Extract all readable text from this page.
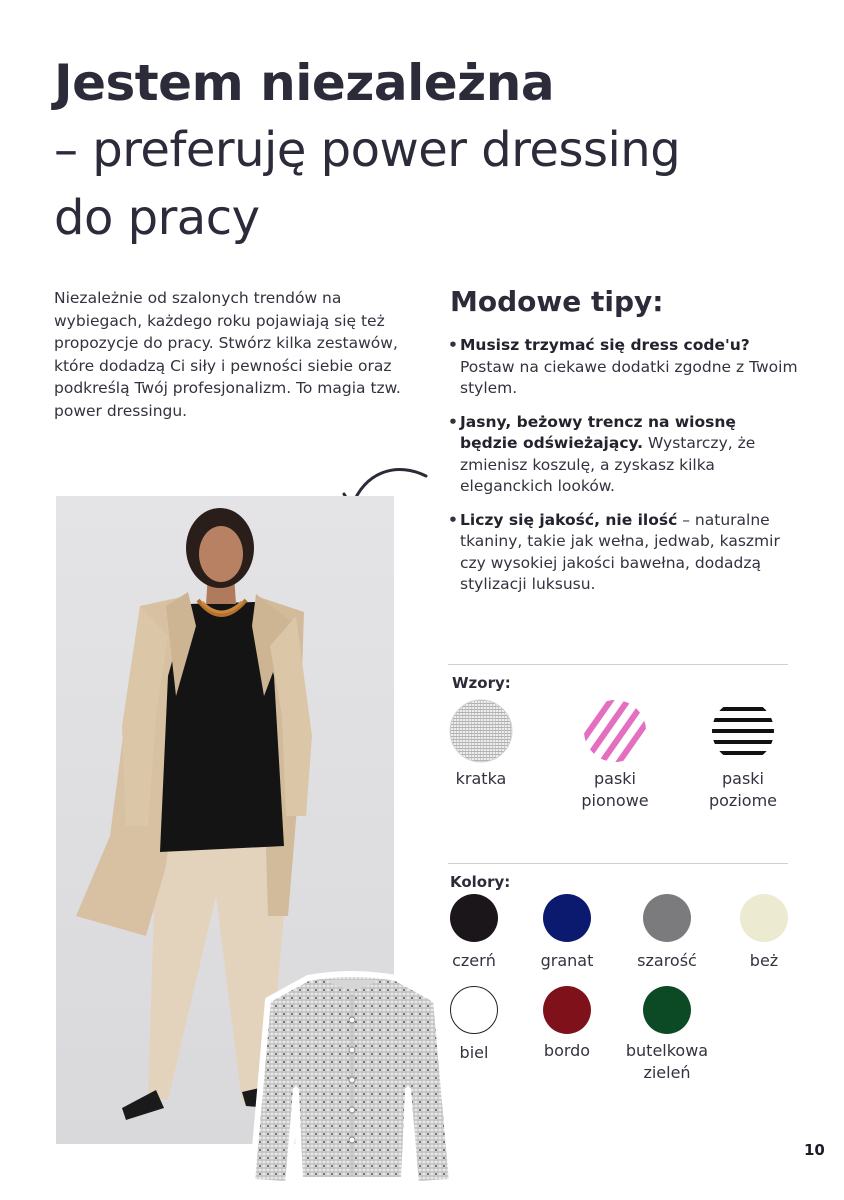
Jestem niezależna
– preferuję power dressing
do pracy

Niezależnie od szalonych trendów na wybiegach, każdego roku pojawiają się też propozycje do pracy. Stwórz kilka zestawów, które dodadzą Ci siły i pewności siebie oraz podkreślą Twój profesjonalizm. To magia tzw. power dressingu.

Modowe tipy:
• Musisz trzymać się dress code'u? Postaw na ciekawe dodatki zgodne z Twoim stylem.
• Jasny, beżowy trencz na wiosnę będzie odświeżający. Wystarczy, że zmienisz koszulę, a zyskasz kilka eleganckich looków.
• Liczy się jakość, nie ilość – naturalne tkaniny, takie jak wełna, jedwab, kaszmir czy wysokiej jakości bawełna, dodadzą stylizacji luksusu.
Wzory:
kratka	paski pionowe
paski poziome
Kolory:
czerń	granat	szarość	beż
biel	bordo	butelkowa zieleń
10
